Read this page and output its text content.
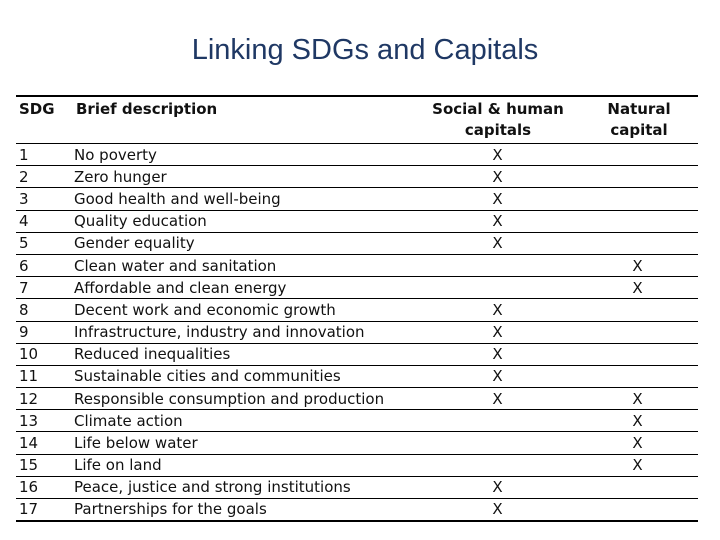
Linking SDGs and Capitals
SDG	Brief description	Social & human capitals	Natural capital
1	No poverty	X	
2	Zero hunger	X	
3	Good health and well-being	X	
4	Quality education	X	
5	Gender equality	X	
6	Clean water and sanitation		X
7	Affordable and clean energy		X
8	Decent work and economic growth	X	
9	Infrastructure, industry and innovation	X	
10	Reduced inequalities	X	
11	Sustainable cities and communities	X	
12	Responsible consumption and production	X	X
13	Climate action		X
14	Life below water		X
15	Life on land		X
16	Peace, justice and strong institutions	X	
17	Partnerships for the goals	X	
